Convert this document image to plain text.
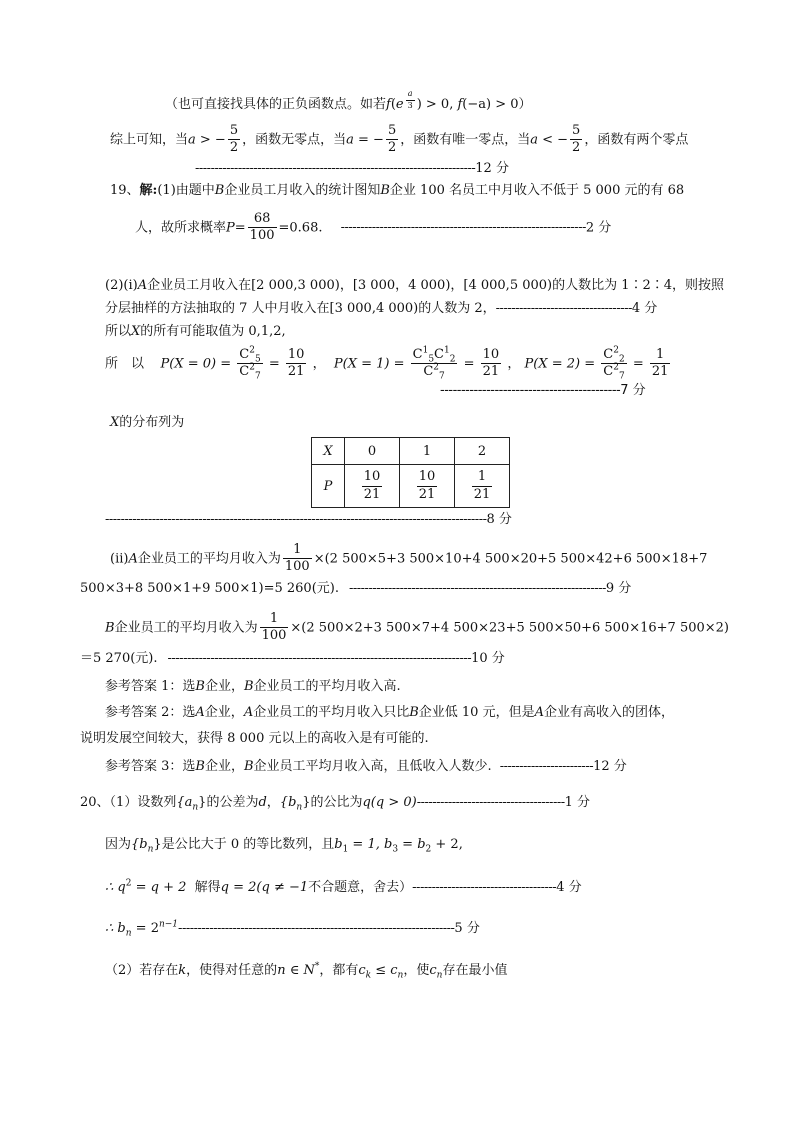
（也可直接找具体的正负函数点。如若f(e $^{\frac{a}{3}}$ ) > 0, f(−a) > 0）
综上可知，当a > − $\frac{5}{2}$ ，函数无零点，当a = − $\frac{5}{2}$ ，函数有唯一零点，当a < − $\frac{5}{2}$ ，函数有两个零点
------------------------------------------------------------------------12 分
19、解:(1)由题中B企业员工月收入的统计图知B企业 100 名员工中月收入不低于 5 000 元的有 68
人，故所求概率$P= \frac{68}{100} =0.68$. ---------------------------------------------------------------2 分
(2)(ⅰ)A企业员工月收入在[2 000,3 000)，[3 000，4 000)，[4 000,5 000)的人数比为 1∶2∶4，则按照
分层抽样的方法抽取的 7 人中月收入在[3 000,4 000)的人数为 2，-----------------------------------4 分
所以X的所有可能取值为 0,1,2,
所　以 $P(X = 0) = \frac{C^2_5}{C^2_7} = \frac{10}{21}$ ， $P(X = 1) = \frac{C^1_5C^1_2}{C^2_7} = \frac{10}{21}$ ， $P(X = 2) = \frac{C^2_2}{C^2_7} = \frac{1}{21}$
-------------------------------------------7 分
X的分布列为
X	0	1	2
P	$\frac{10}{21}$	$\frac{10}{21}$	$\frac{1}{21}$
--------------------------------------------------------------------------------------------------8 分
(ⅱ)A企业员工的平均月收入为 $\frac{1}{100} \times(2$ 500×5+3 500×10+4 500×20+5 500×42+6 500×18+7
500×3+8 500×1+9 500×1)=5 260(元). ------------------------------------------------------------------9 分
B企业员工的平均月收入为 $\frac{1}{100} \times(2$ 500×2+3 500×7+4 500×23+5 500×50+6 500×16+7 500×2)
＝5 270(元). ------------------------------------------------------------------------------10 分
参考答案 1：选B企业，B企业员工的平均月收入高.
参考答案 2：选A企业，A企业员工的平均月收入只比B企业低 10 元，但是A企业有高收入的团体，
说明发展空间较大，获得 8 000 元以上的高收入是有可能的.
参考答案 3：选B企业，B企业员工平均月收入高，且低收入人数少. ------------------------12 分
20、（1）设数列$\{a_n\}$的公差为d，$\{b_n\}$的公比为q(q > 0)--------------------------------------1 分
因为$\{b_n\}$是公比大于 0 的等比数列，且$b_1 = 1$, $b_3 = b_2 + 2$,
∴ $q^2 = q + 2$ 解得q = 2(q ≠ −1不合题意，舍去）-------------------------------------4 分
∴ $b_n = 2^{n-1}-----------------------------------------------------------------------5$ 分
（2）若存在k，使得对任意的n ∈ N*，都有$c_k \le c_n$，使$c_n$存在最小值
